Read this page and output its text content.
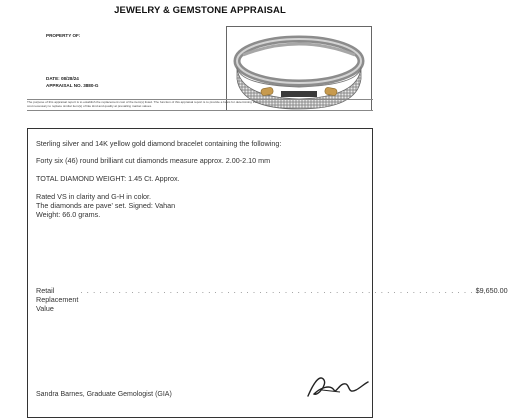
JEWELRY & GEMSTONE APPRAISAL
PROPERTY OF:
DATE: 08/28/24
APPRAISAL NO. 3880-G
The purpose of this appraisal report is to establish the replacement cost of the item(s) listed. The function of this appraisal report is to provide a basis for determining the
cost necessary to replace similar item(s) of like kind and quality at prevailing market values.
Sterling silver and 14K yellow gold diamond bracelet containing the following:
Forty six (46) round brilliant cut diamonds measure approx. 2.00-2.10 mm
TOTAL DIAMOND WEIGHT: 1.45 Ct. Approx.
Rated VS in clarity and G-H in color.
The diamonds are pave' set. Signed: Vahan
Weight: 66.0 grams.
Retail Replacement Value
. . . . . . . . . . . . . . . . . . . . . . . . . . . . . . . . . . . . . . . . . . . . . . . . . . . . . . . . . . . . . . $9,650.00
Sandra Barnes, Graduate Gemologist (GIA)
